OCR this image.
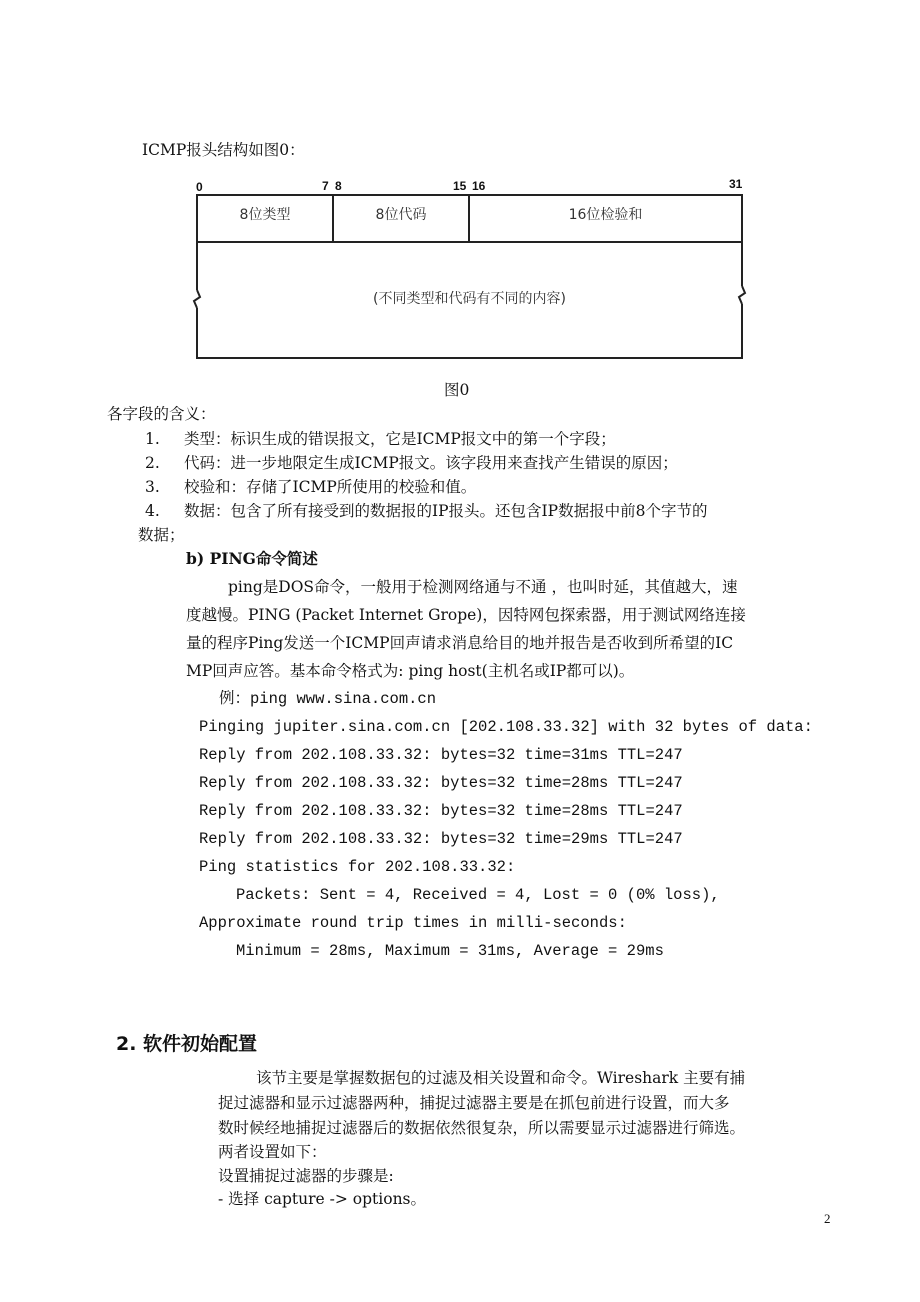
ICMP报头结构如图0：
0	7 8	15 16	31
8位类型	8位代码	16位检验和
(不同类型和代码有不同的内容)
图0
各字段的含义：
1. 类型：标识生成的错误报文，它是ICMP报文中的第一个字段；
2. 代码：进一步地限定生成ICMP报文。该字段用来查找产生错误的原因；
3. 校验和：存储了ICMP所使用的校验和值。
4. 数据：包含了所有接受到的数据报的IP报头。还包含IP数据报中前8个字节的
数据；
b) PING命令简述
ping是DOS命令，一般用于检测网络通与不通 ，也叫时延，其值越大，速
度越慢。PING (Packet Internet Grope)，因特网包探索器，用于测试网络连接
量的程序Ping发送一个ICMP回声请求消息给目的地并报告是否收到所希望的IC
MP回声应答。基本命令格式为: ping host(主机名或IP都可以)。
例：ping www.sina.com.cn
Pinging jupiter.sina.com.cn [202.108.33.32] with 32 bytes of data:
Reply from 202.108.33.32: bytes=32 time=31ms TTL=247
Reply from 202.108.33.32: bytes=32 time=28ms TTL=247
Reply from 202.108.33.32: bytes=32 time=28ms TTL=247
Reply from 202.108.33.32: bytes=32 time=29ms TTL=247
Ping statistics for 202.108.33.32:
Packets: Sent = 4, Received = 4, Lost = 0 (0% loss),
Approximate round trip times in milli-seconds:
Minimum = 28ms, Maximum = 31ms, Average = 29ms
2. 软件初始配置
该节主要是掌握数据包的过滤及相关设置和命令。Wireshark 主要有捕
捉过滤器和显示过滤器两种，捕捉过滤器主要是在抓包前进行设置，而大多
数时候经地捕捉过滤器后的数据依然很复杂，所以需要显示过滤器进行筛选。
两者设置如下：
设置捕捉过滤器的步骤是:
- 选择 capture -> options。
2
